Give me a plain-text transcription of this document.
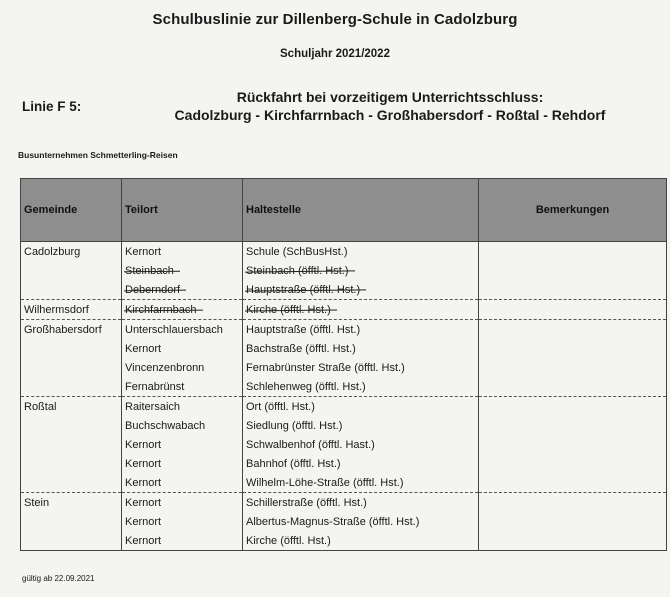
Schulbuslinie zur Dillenberg-Schule in Cadolzburg
Schuljahr 2021/2022
Linie F 5:
Rückfahrt bei vorzeitigem Unterrichtsschluss:
Cadolzburg - Kirchfarrnbach - Großhabersdorf - Roßtal - Rehdorf
Busunternehmen Schmetterling-Reisen
Gemeinde	Teilort	Haltestelle	Bemerkungen
Cadolzburg	Kernort	Schule (SchBusHst.)	
	Steinbach	Steinbach (öfftl. Hst.)	
	Deberndorf	Hauptstraße (öfftl. Hst.)	
Wilhermsdorf	Kirchfarrnbach	Kirche (öfftl. Hst.)	
Großhabersdorf	Unterschlauersbach	Hauptstraße (öfftl. Hst.)	
	Kernort	Bachstraße (öfftl. Hst.)	
	Vincenzenbronn	Fernabrünster Straße (öfftl. Hst.)	
	Fernabrünst	Schlehenweg (öfftl. Hst.)	
Roßtal	Raitersaich	Ort (öfftl. Hst.)	
	Buchschwabach	Siedlung (öfftl. Hst.)	
	Kernort	Schwalbenhof (öfftl. Hast.)	
	Kernort	Bahnhof (öfftl. Hst.)	
	Kernort	Wilhelm-Löhe-Straße (öfftl. Hst.)	
Stein	Kernort	Schillerstraße (öfftl. Hst.)	
	Kernort	Albertus-Magnus-Straße (öfftl. Hst.)	
	Kernort	Kirche (öfftl. Hst.)	
gültig ab 22.09.2021
